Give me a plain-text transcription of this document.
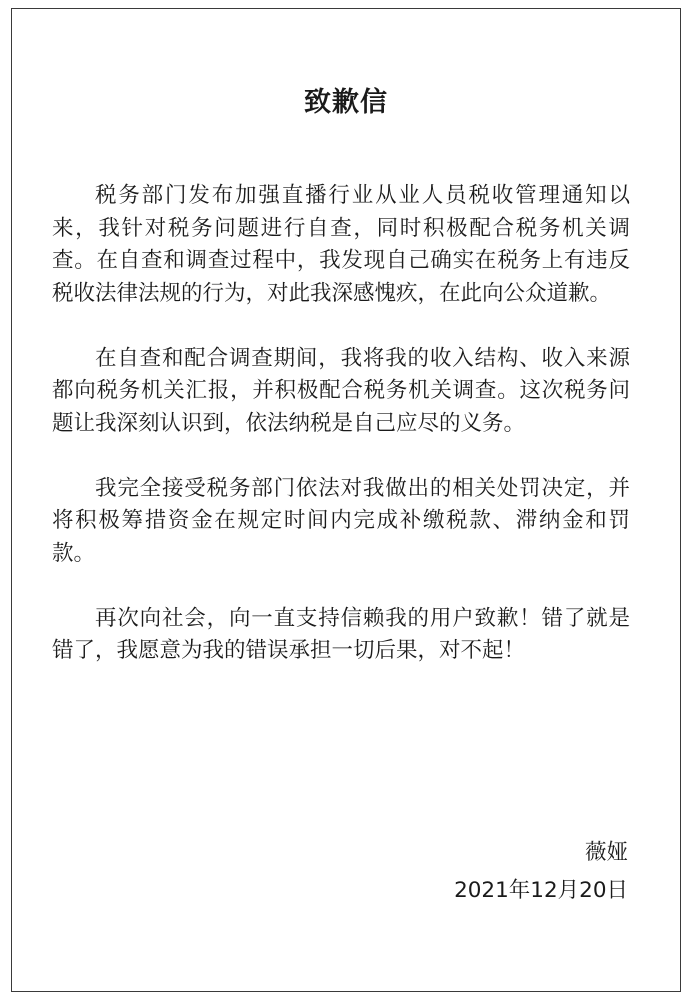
致歉信

税务部门发布加强直播行业从业人员税收管理通知以来，我针对税务问题进行自查，同时积极配合税务机关调查。在自查和调查过程中，我发现自己确实在税务上有违反税收法律法规的行为，对此我深感愧疚，在此向公众道歉。

在自查和配合调查期间，我将我的收入结构、收入来源都向税务机关汇报，并积极配合税务机关调查。这次税务问题让我深刻认识到，依法纳税是自己应尽的义务。

我完全接受税务部门依法对我做出的相关处罚决定，并将积极筹措资金在规定时间内完成补缴税款、滞纳金和罚款。

再次向社会，向一直支持信赖我的用户致歉！错了就是错了，我愿意为我的错误承担一切后果，对不起！

薇娅
2021年12月20日
